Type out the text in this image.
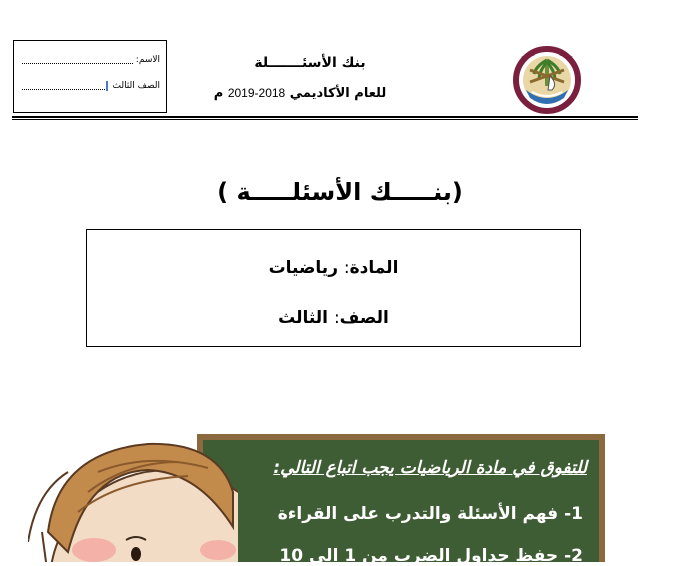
الاسم:
الصف الثالث
بنك الأسئـــــــلة
للعام الأكاديمي 2018-2019 م
(بنـــــك الأسئلـــــة )
المادة: رياضيات
الصف: الثالث
للتفوق في مادة الرياضيات يجب اتباع التالي:
1- فهم الأسئلة والتدرب على القراءة
2- حفظ جداول الضرب من 1 الى 10
